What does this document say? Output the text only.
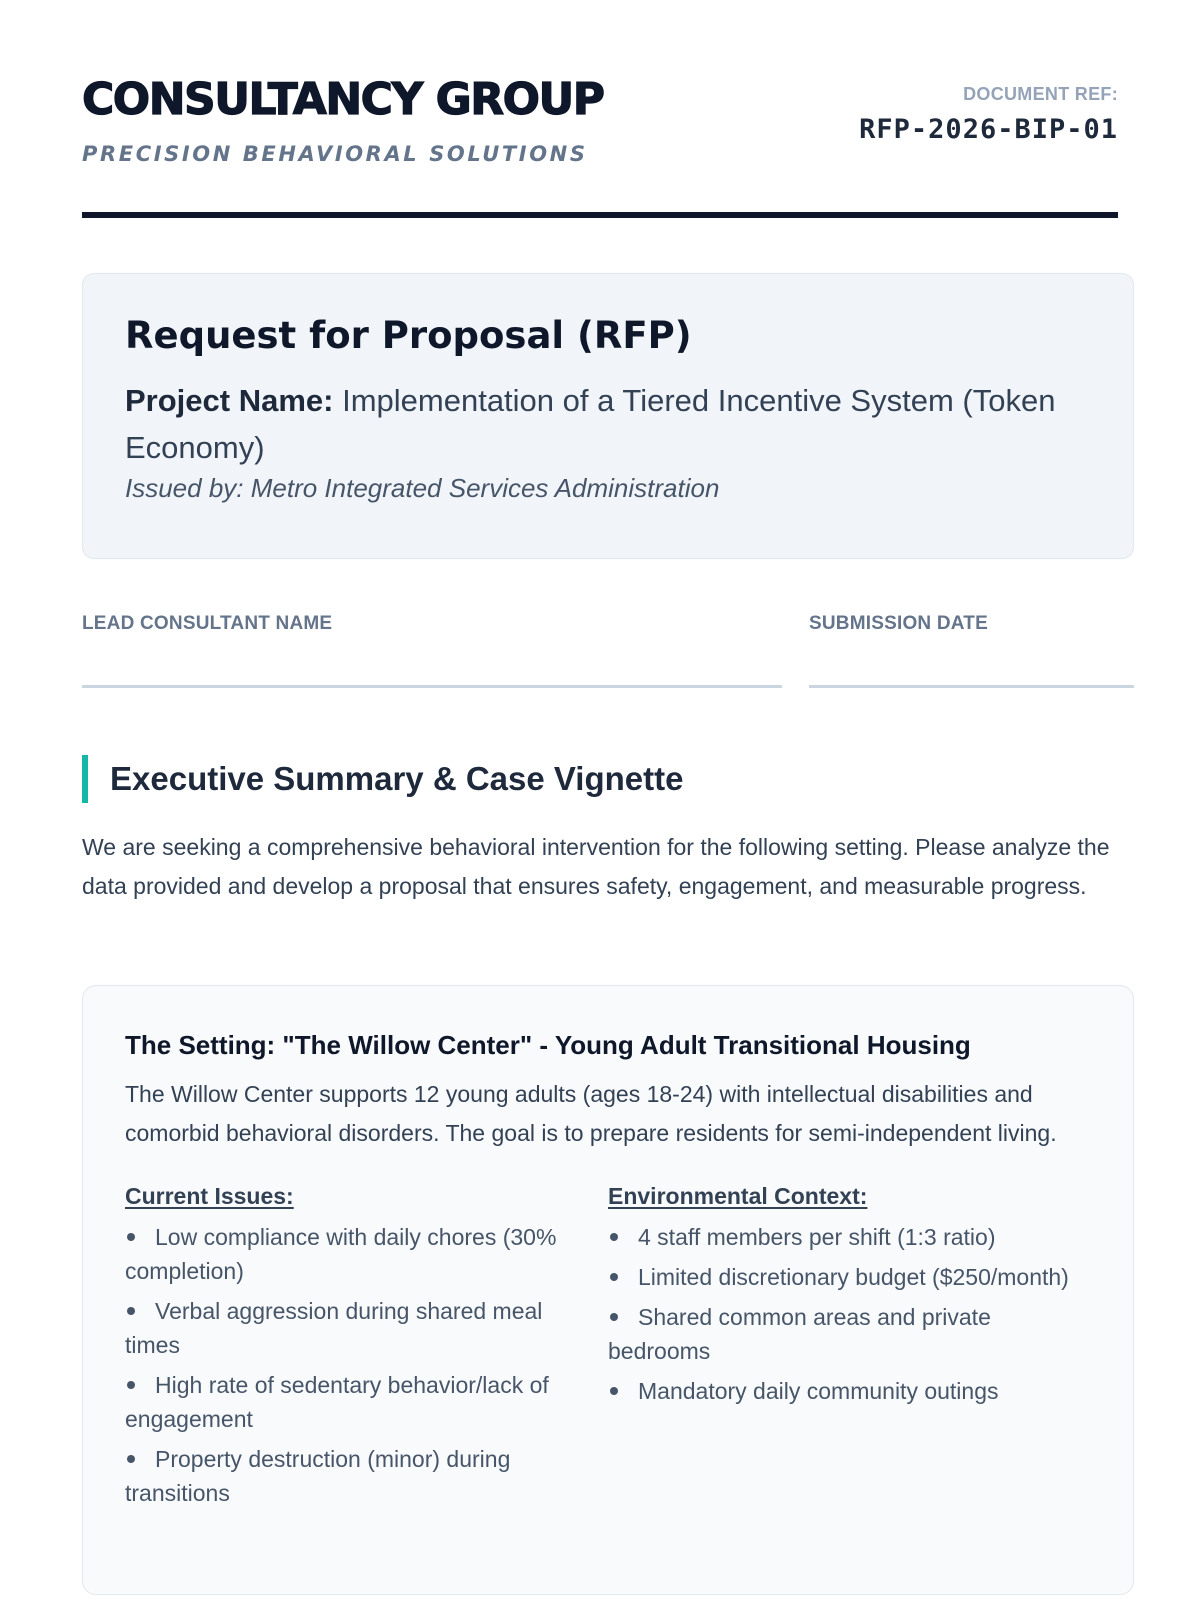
CONSULTANCY GROUP
PRECISION BEHAVIORAL SOLUTIONS
DOCUMENT REF:
RFP-2026-BIP-01
Request for Proposal (RFP)
Project Name: Implementation of a Tiered Incentive System (Token Economy)
Issued by: Metro Integrated Services Administration
LEAD CONSULTANT NAME	SUBMISSION DATE
Executive Summary & Case Vignette

We are seeking a comprehensive behavioral intervention for the following setting. Please analyze the data provided and develop a proposal that ensures safety, engagement, and measurable progress.

The Setting: "The Willow Center" - Young Adult Transitional Housing

The Willow Center supports 12 young adults (ages 18-24) with intellectual disabilities and comorbid behavioral disorders. The goal is to prepare residents for semi-independent living.

Current Issues:
Low compliance with daily chores (30% completion)
Verbal aggression during shared meal times
High rate of sedentary behavior/lack of engagement
Property destruction (minor) during transitions
Environmental Context:
4 staff members per shift (1:3 ratio)
Limited discretionary budget ($250/month)
Shared common areas and private bedrooms
Mandatory daily community outings
